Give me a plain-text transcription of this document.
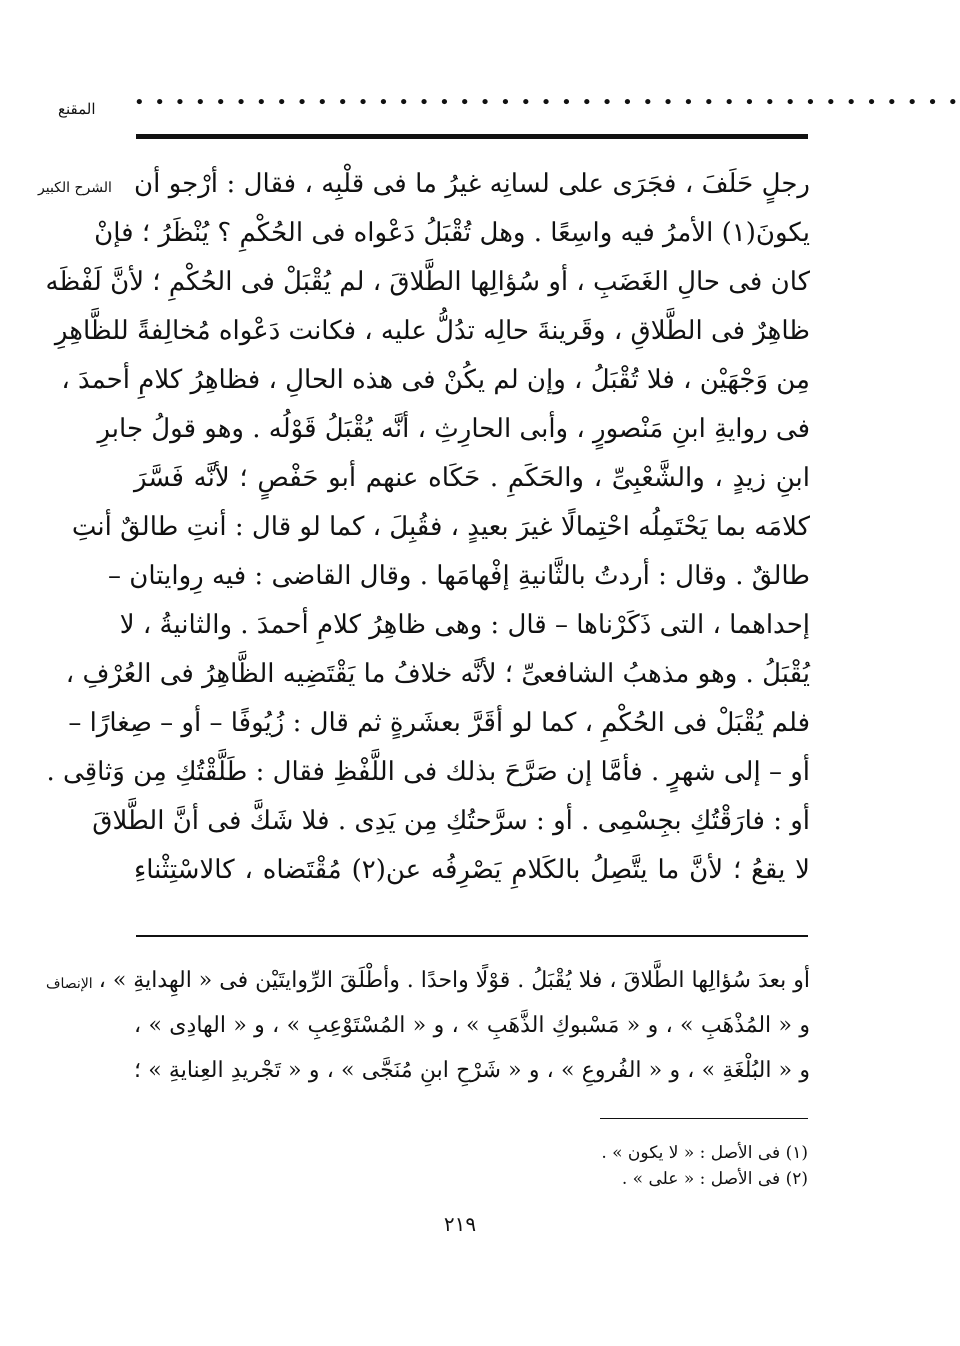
المقنع • • • • • • • • • • • • • • • • • • • • • • • • • • • • • • • • • • • • • • • • •
الشرح الكبير رجلٍ حَلَفَ ، فجَرَى على لسانِه غيرُ ما فى قلْبِه ، فقال : أرْجو أن
يكونَ(١) الأمرُ فيه واسِعًا . وهل تُقْبَلُ دَعْواه فى الحُكْمِ ؟ يُنْظَرُ ؛ فإنْ
كان فى حالِ الغَضَبِ ، أو سُؤالِها الطَّلاقَ ، لم يُقْبَلْ فى الحُكْمِ ؛ لأنَّ لَفْظَه
ظاهِرٌ فى الطَّلاقِ ، وقَرينةَ حالِه تدُلُّ عليه ، فكانت دَعْواه مُخالِفةً للظَّاهِرِ
مِن وَجْهَيْن ، فلا تُقْبَلُ ، وإن لم يكُنْ فى هذه الحالِ ، فظاهِرُ كلامِ أحمدَ ،
فى روايةِ ابنِ مَنْصورٍ ، وأبى الحارِثِ ، أنَّه يُقْبَلُ قَوْلُه . وهو قولُ جابرِ
ابنِ زيدٍ ، والشَّعْبِىِّ ، والحَكَمِ . حَكَاه عنهم أبو حَفْصٍ ؛ لأنَّه فَسَّرَ
كلامَه بما يَحْتَمِلُه احْتِمالًا غيرَ بعيدٍ ، فقُبِلَ ، كما لو قال : أنتِ طالقٌ أنتِ
طالقٌ . وقال : أردتُ بالثَّانيةِ إفْهامَها . وقال القاضى : فيه رِوايتان –
إحداهما ، التى ذَكَرْناها – قال : وهى ظاهِرُ كلامِ أحمدَ . والثانيةُ ، لا
يُقْبَلُ . وهو مذهبُ الشافعىِّ ؛ لأنَّه خلافُ ما يَقْتَضِيه الظَّاهِرُ فى العُرْفِ ،
فلم يُقْبَلْ فى الحُكْمِ ، كما لو أقَرَّ بعشَرةٍ ثم قال : زُيُوفًا – أو – صِغارًا –
أو – إلى شهرٍ . فأمَّا إن صَرَّحَ بذلك فى اللَّفْظِ فقال : طَلَّقْتُكِ مِن وَثاقِى .
أو : فارَقْتُكِ بجِسْمِى . أو : سرَّحتُكِ مِن يَدِى . فلا شَكَّ فى أنَّ الطَّلاقَ
لا يقعُ ؛ لأنَّ ما يتَّصِلُ بالكَلامِ يَصْرِفُه عن(٢) مُقْتَضاه ، كالاسْتِثْناءِ
الإنصاف أو بعدَ سُؤالِها الطَّلاقَ ، فلا يُقْبَلُ . قوْلًا واحدًا . وأطْلَقَ الرِّوايتَيْن فى « الهِدايةِ » ،
و « المُذْهَبِ » ، و « مَسْبوكِ الذَّهَبِ » ، و « المُسْتَوْعِبِ » ، و « الهادِى » ،
و « البُلْغَةِ » ، و « الفُروعِ » ، و « شَرْحِ ابنِ مُنَجَّى » ، و « تَجْريدِ العِنايةِ » ؛
(١) فى الأصل : « لا يكون » .
(٢) فى الأصل : « على » .
٢١٩
